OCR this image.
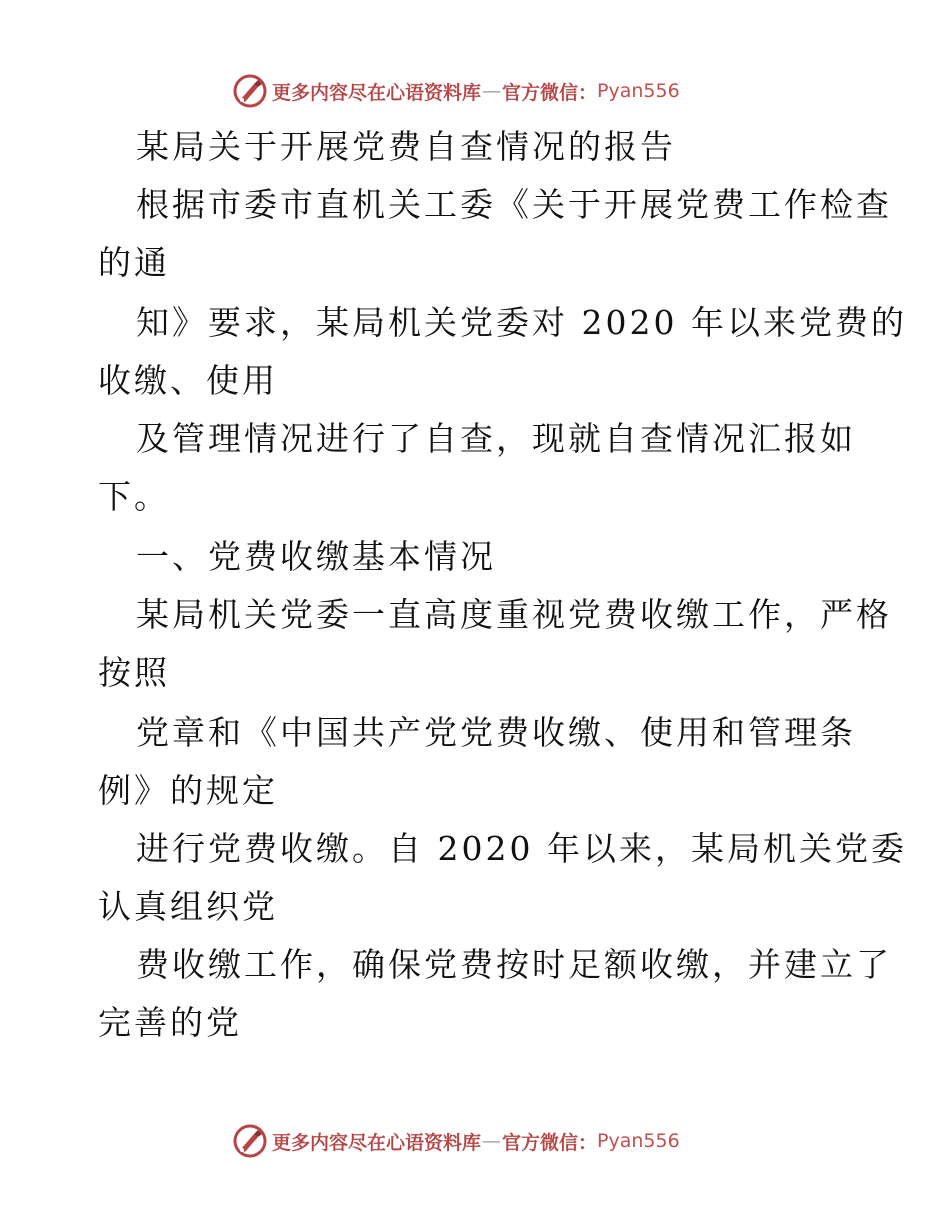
更多内容尽在心语资料库 — 官方微信： Pyan556
某局关于开展党费自查情况的报告
根据市委市直机关工委《关于开展党费工作检查
的通
知》要求，某局机关党委对 2020 年以来党费的
收缴、使用
及管理情况进行了自查，现就自查情况汇报如
下。
一、党费收缴基本情况
某局机关党委一直高度重视党费收缴工作，严格
按照
党章和《中国共产党党费收缴、使用和管理条
例》的规定
进行党费收缴。自 2020 年以来，某局机关党委
认真组织党
费收缴工作，确保党费按时足额收缴，并建立了
完善的党
更多内容尽在心语资料库 — 官方微信： Pyan556
